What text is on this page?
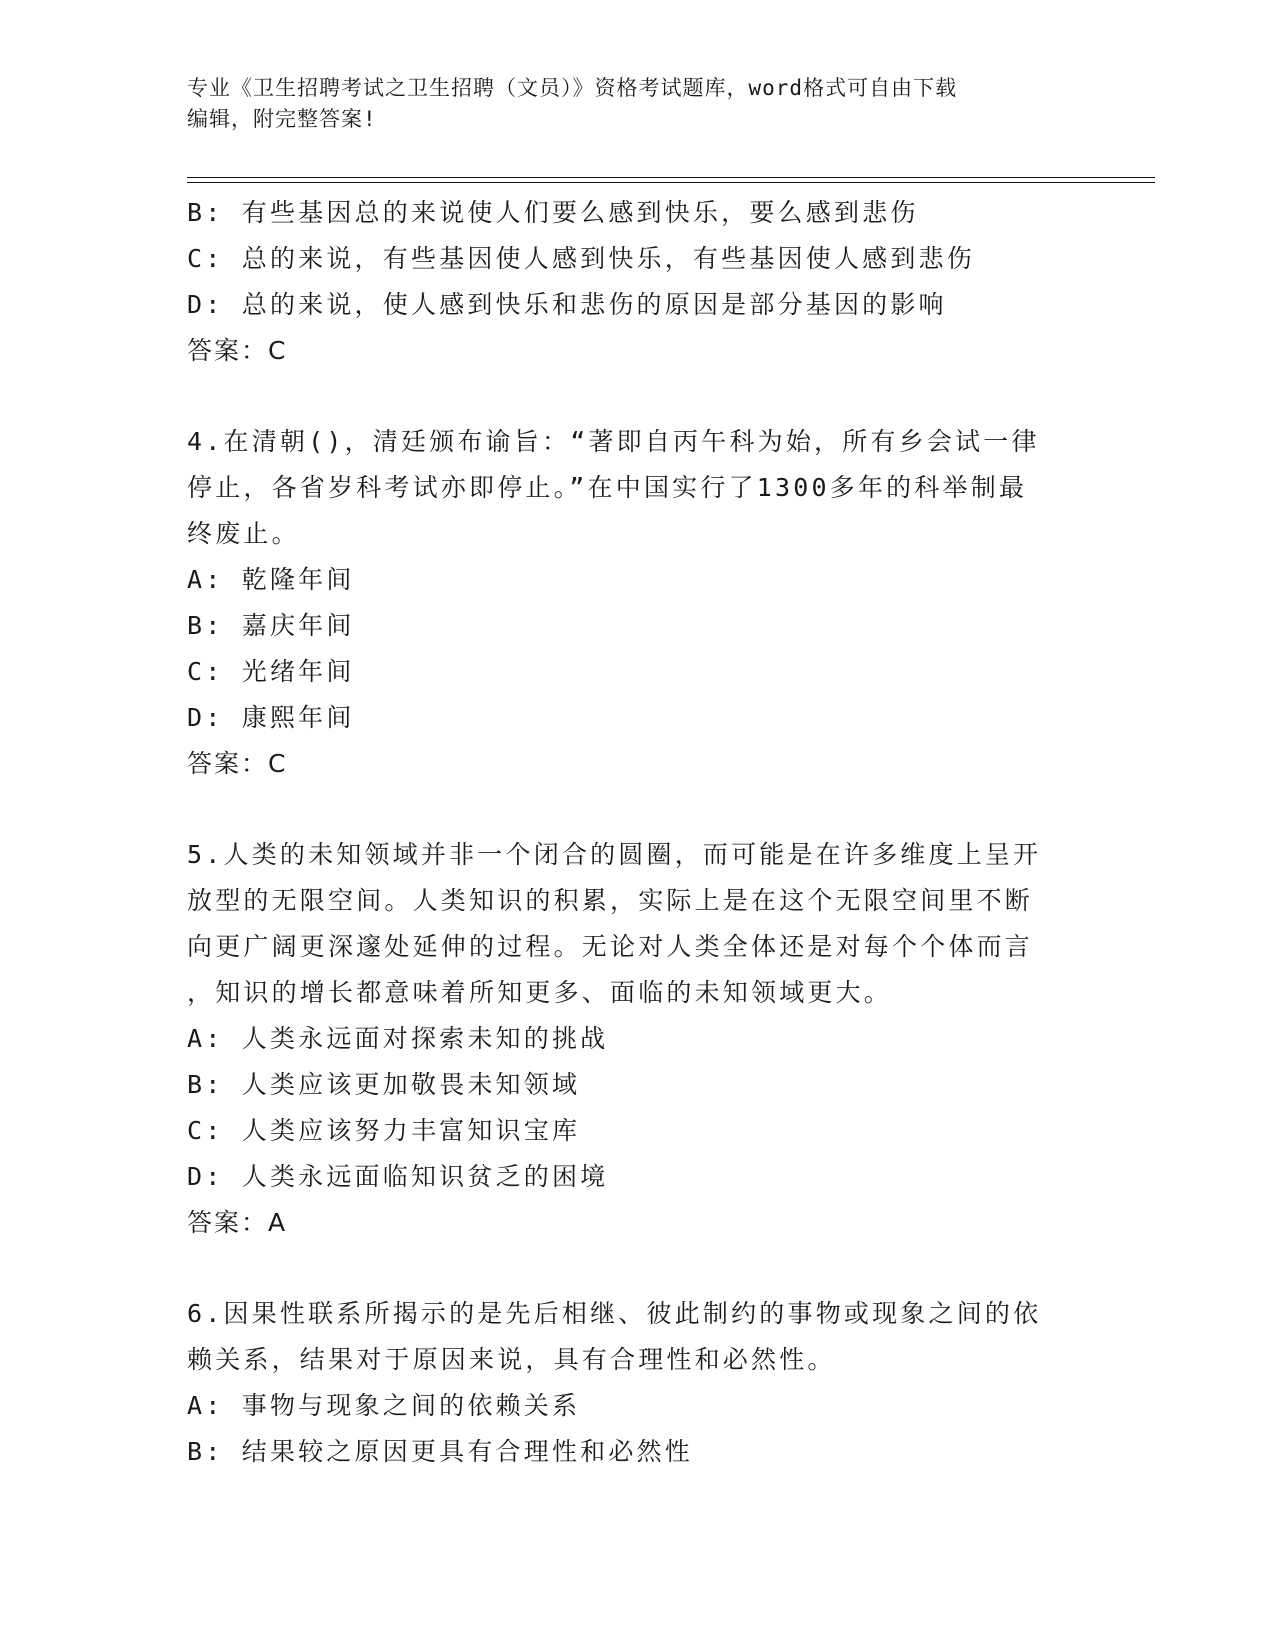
专业《卫生招聘考试之卫生招聘（文员）》资格考试题库，word格式可自由下载
编辑，附完整答案!
B: 有些基因总的来说使人们要么感到快乐，要么感到悲伤
C: 总的来说，有些基因使人感到快乐，有些基因使人感到悲伤
D: 总的来说，使人感到快乐和悲伤的原因是部分基因的影响
答案：C
4.在清朝()，清廷颁布谕旨：“著即自丙午科为始，所有乡会试一律
停止，各省岁科考试亦即停止。”在中国实行了1300多年的科举制最
终废止。
A: 乾隆年间
B: 嘉庆年间
C: 光绪年间
D: 康熙年间
答案：C
5.人类的未知领域并非一个闭合的圆圈，而可能是在许多维度上呈开
放型的无限空间。人类知识的积累，实际上是在这个无限空间里不断
向更广阔更深邃处延伸的过程。无论对人类全体还是对每个个体而言
，知识的增长都意味着所知更多、面临的未知领域更大。
A: 人类永远面对探索未知的挑战
B: 人类应该更加敬畏未知领域
C: 人类应该努力丰富知识宝库
D: 人类永远面临知识贫乏的困境
答案：A
6.因果性联系所揭示的是先后相继、彼此制约的事物或现象之间的依
赖关系，结果对于原因来说，具有合理性和必然性。
A: 事物与现象之间的依赖关系
B: 结果较之原因更具有合理性和必然性
